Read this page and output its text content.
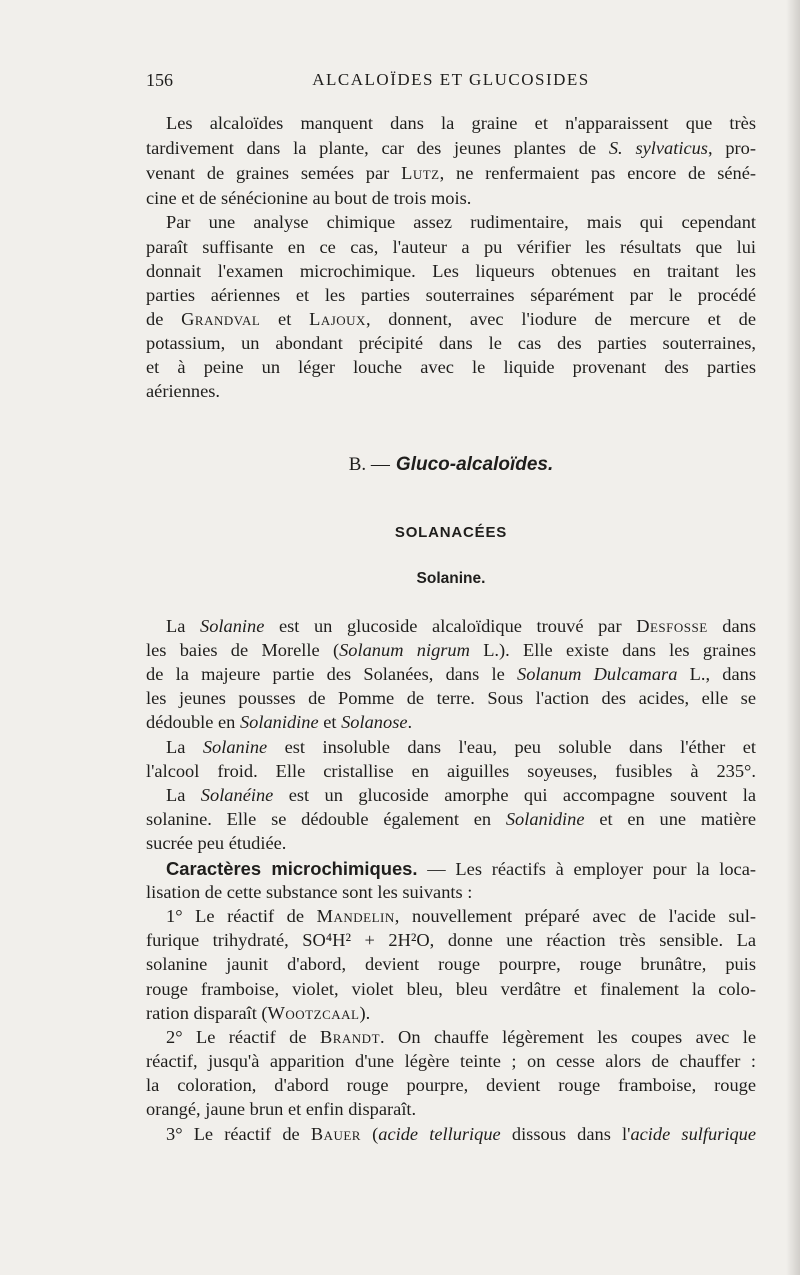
156	ALCALOÏDES ET GLUCOSIDES
Les alcaloïdes manquent dans la graine et n'apparaissent que très
tardivement dans la plante, car des jeunes plantes de S. sylvaticus, pro-
venant de graines semées par Lutz, ne renfermaient pas encore de séné-
cine et de sénécionine au bout de trois mois.
Par une analyse chimique assez rudimentaire, mais qui cependant
paraît suffisante en ce cas, l'auteur a pu vérifier les résultats que lui
donnait l'examen microchimique. Les liqueurs obtenues en traitant les
parties aériennes et les parties souterraines séparément par le procédé
de Grandval et Lajoux, donnent, avec l'iodure de mercure et de
potassium, un abondant précipité dans le cas des parties souterraines,
et à peine un léger louche avec le liquide provenant des parties
aériennes.
B. — Gluco-alcaloïdes.
SOLANACÉES
Solanine.
La Solanine est un glucoside alcaloïdique trouvé par Desfosse dans
les baies de Morelle (Solanum nigrum L.). Elle existe dans les graines
de la majeure partie des Solanées, dans le Solanum Dulcamara L., dans
les jeunes pousses de Pomme de terre. Sous l'action des acides, elle se
dédouble en Solanidine et Solanose.
La Solanine est insoluble dans l'eau, peu soluble dans l'éther et
l'alcool froid. Elle cristallise en aiguilles soyeuses, fusibles à 235°.
La Solanéine est un glucoside amorphe qui accompagne souvent la
solanine. Elle se dédouble également en Solanidine et en une matière
sucrée peu étudiée.
Caractères microchimiques. — Les réactifs à employer pour la loca-
lisation de cette substance sont les suivants :
1° Le réactif de Mandelin, nouvellement préparé avec de l'acide sul-
furique trihydraté, SO⁴H² + 2H²O, donne une réaction très sensible. La
solanine jaunit d'abord, devient rouge pourpre, rouge brunâtre, puis
rouge framboise, violet, violet bleu, bleu verdâtre et finalement la colo-
ration disparaît (Wootzcaal).
2° Le réactif de Brandt. On chauffe légèrement les coupes avec le
réactif, jusqu'à apparition d'une légère teinte ; on cesse alors de chauffer :
la coloration, d'abord rouge pourpre, devient rouge framboise, rouge
orangé, jaune brun et enfin disparaît.
3° Le réactif de Bauer (acide tellurique dissous dans l'acide sulfurique
